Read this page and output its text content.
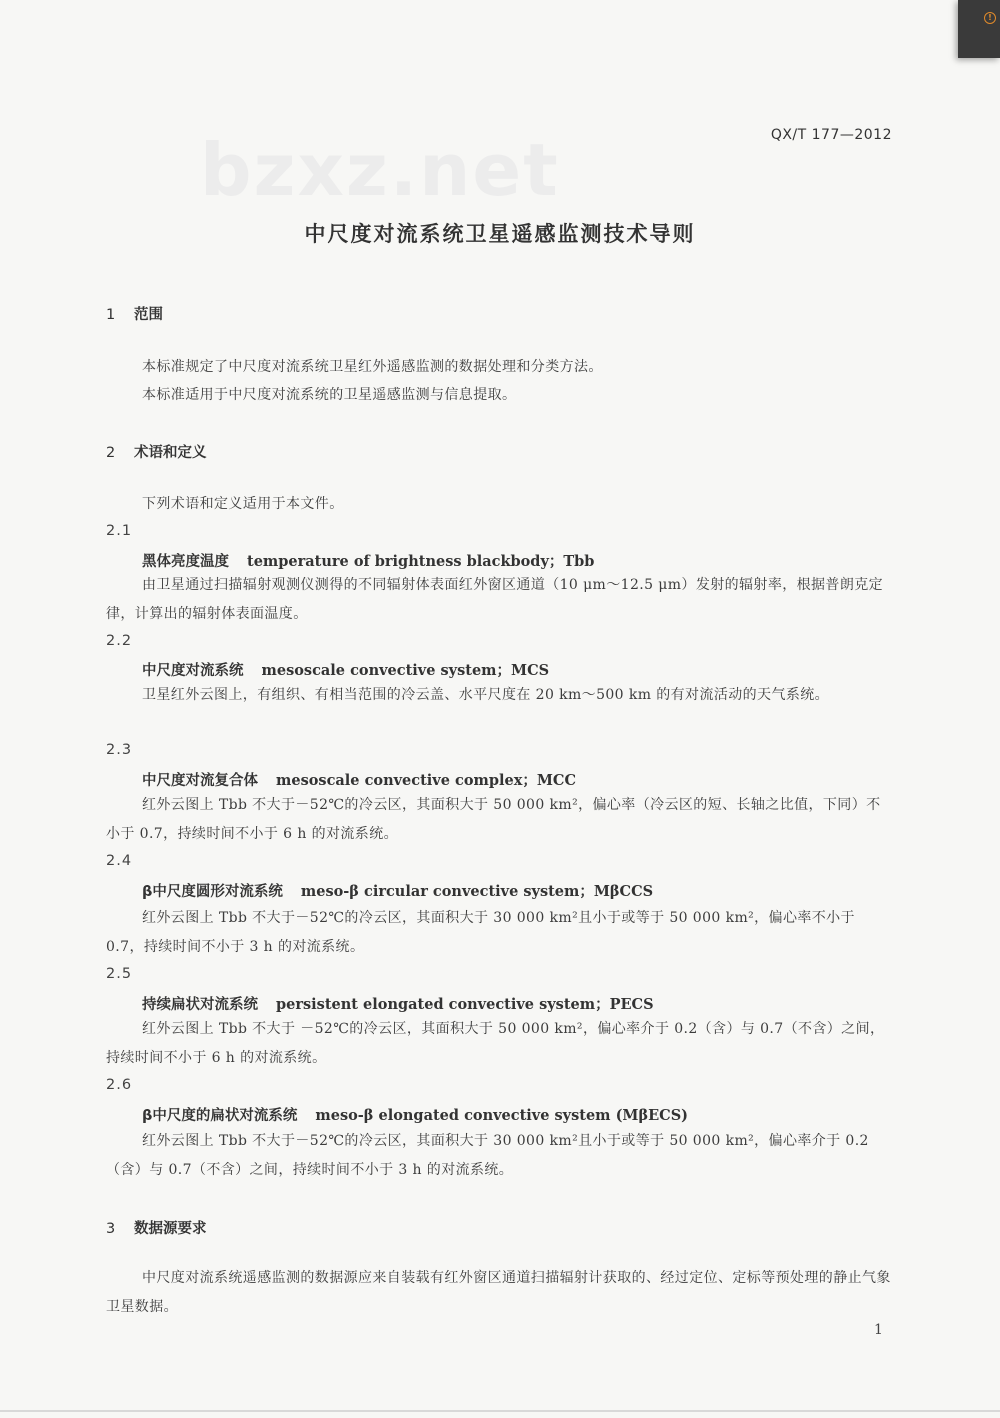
!
bzxz.net	QX/T 177—2012
中尺度对流系统卫星遥感监测技术导则
1 范围
本标准规定了中尺度对流系统卫星红外遥感监测的数据处理和分类方法。
本标准适用于中尺度对流系统的卫星遥感监测与信息提取。
2 术语和定义
下列术语和定义适用于本文件。
2.1
黑体亮度温度 temperature of brightness blackbody；Tbb
由卫星通过扫描辐射观测仪测得的不同辐射体表面红外窗区通道（10 μm～12.5 μm）发射的辐射率，根据普朗克定律，计算出的辐射体表面温度。
2.2
中尺度对流系统 mesoscale convective system；MCS
卫星红外云图上，有组织、有相当范围的冷云盖、水平尺度在 20 km～500 km 的有对流活动的天气系统。
2.3
中尺度对流复合体 mesoscale convective complex；MCC
红外云图上 Tbb 不大于－52℃的冷云区，其面积大于 50 000 km²，偏心率（冷云区的短、长轴之比值，下同）不小于 0.7，持续时间不小于 6 h 的对流系统。
2.4
β中尺度圆形对流系统 meso-β circular convective system；MβCCS
红外云图上 Tbb 不大于－52℃的冷云区，其面积大于 30 000 km²且小于或等于 50 000 km²，偏心率不小于 0.7，持续时间不小于 3 h 的对流系统。
2.5
持续扁状对流系统 persistent elongated convective system；PECS
红外云图上 Tbb 不大于 －52℃的冷云区，其面积大于 50 000 km²，偏心率介于 0.2（含）与 0.7（不含）之间，持续时间不小于 6 h 的对流系统。
2.6
β中尺度的扁状对流系统 meso-β elongated convective system (MβECS)
红外云图上 Tbb 不大于－52℃的冷云区，其面积大于 30 000 km²且小于或等于 50 000 km²，偏心率介于 0.2（含）与 0.7（不含）之间，持续时间不小于 3 h 的对流系统。
3 数据源要求
中尺度对流系统遥感监测的数据源应来自装载有红外窗区通道扫描辐射计获取的、经过定位、定标等预处理的静止气象卫星数据。
1
